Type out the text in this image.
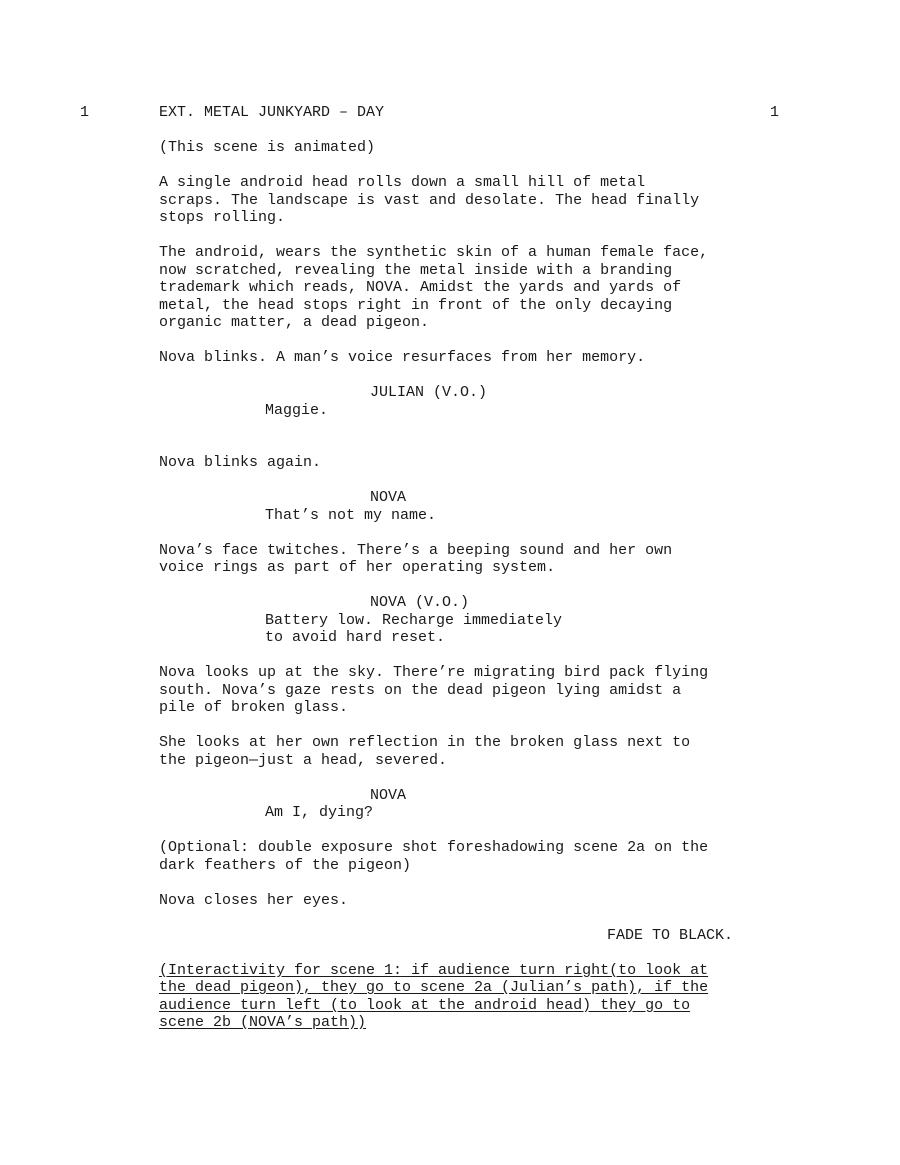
1	1
EXT. METAL JUNKYARD – DAY
(This scene is animated)
A single android head rolls down a small hill of metal
scraps. The landscape is vast and desolate. The head finally
stops rolling.
The android, wears the synthetic skin of a human female face,
now scratched, revealing the metal inside with a branding
trademark which reads, NOVA. Amidst the yards and yards of
metal, the head stops right in front of the only decaying
organic matter, a dead pigeon.
Nova blinks. A man’s voice resurfaces from her memory.
JULIAN (V.O.)
Maggie.
Nova blinks again.
NOVA
That’s not my name.
Nova’s face twitches. There’s a beeping sound and her own
voice rings as part of her operating system.
NOVA (V.O.)
Battery low. Recharge immediately
to avoid hard reset.
Nova looks up at the sky. There’re migrating bird pack flying
south. Nova’s gaze rests on the dead pigeon lying amidst a
pile of broken glass.
She looks at her own reflection in the broken glass next to
the pigeon—just a head, severed.
NOVA
Am I, dying?
(Optional: double exposure shot foreshadowing scene 2a on the
dark feathers of the pigeon)
Nova closes her eyes.
FADE TO BLACK.
(Interactivity for scene 1: if audience turn right(to look at
the dead pigeon), they go to scene 2a (Julian’s path), if the
audience turn left (to look at the android head) they go to
scene 2b (NOVA’s path))
